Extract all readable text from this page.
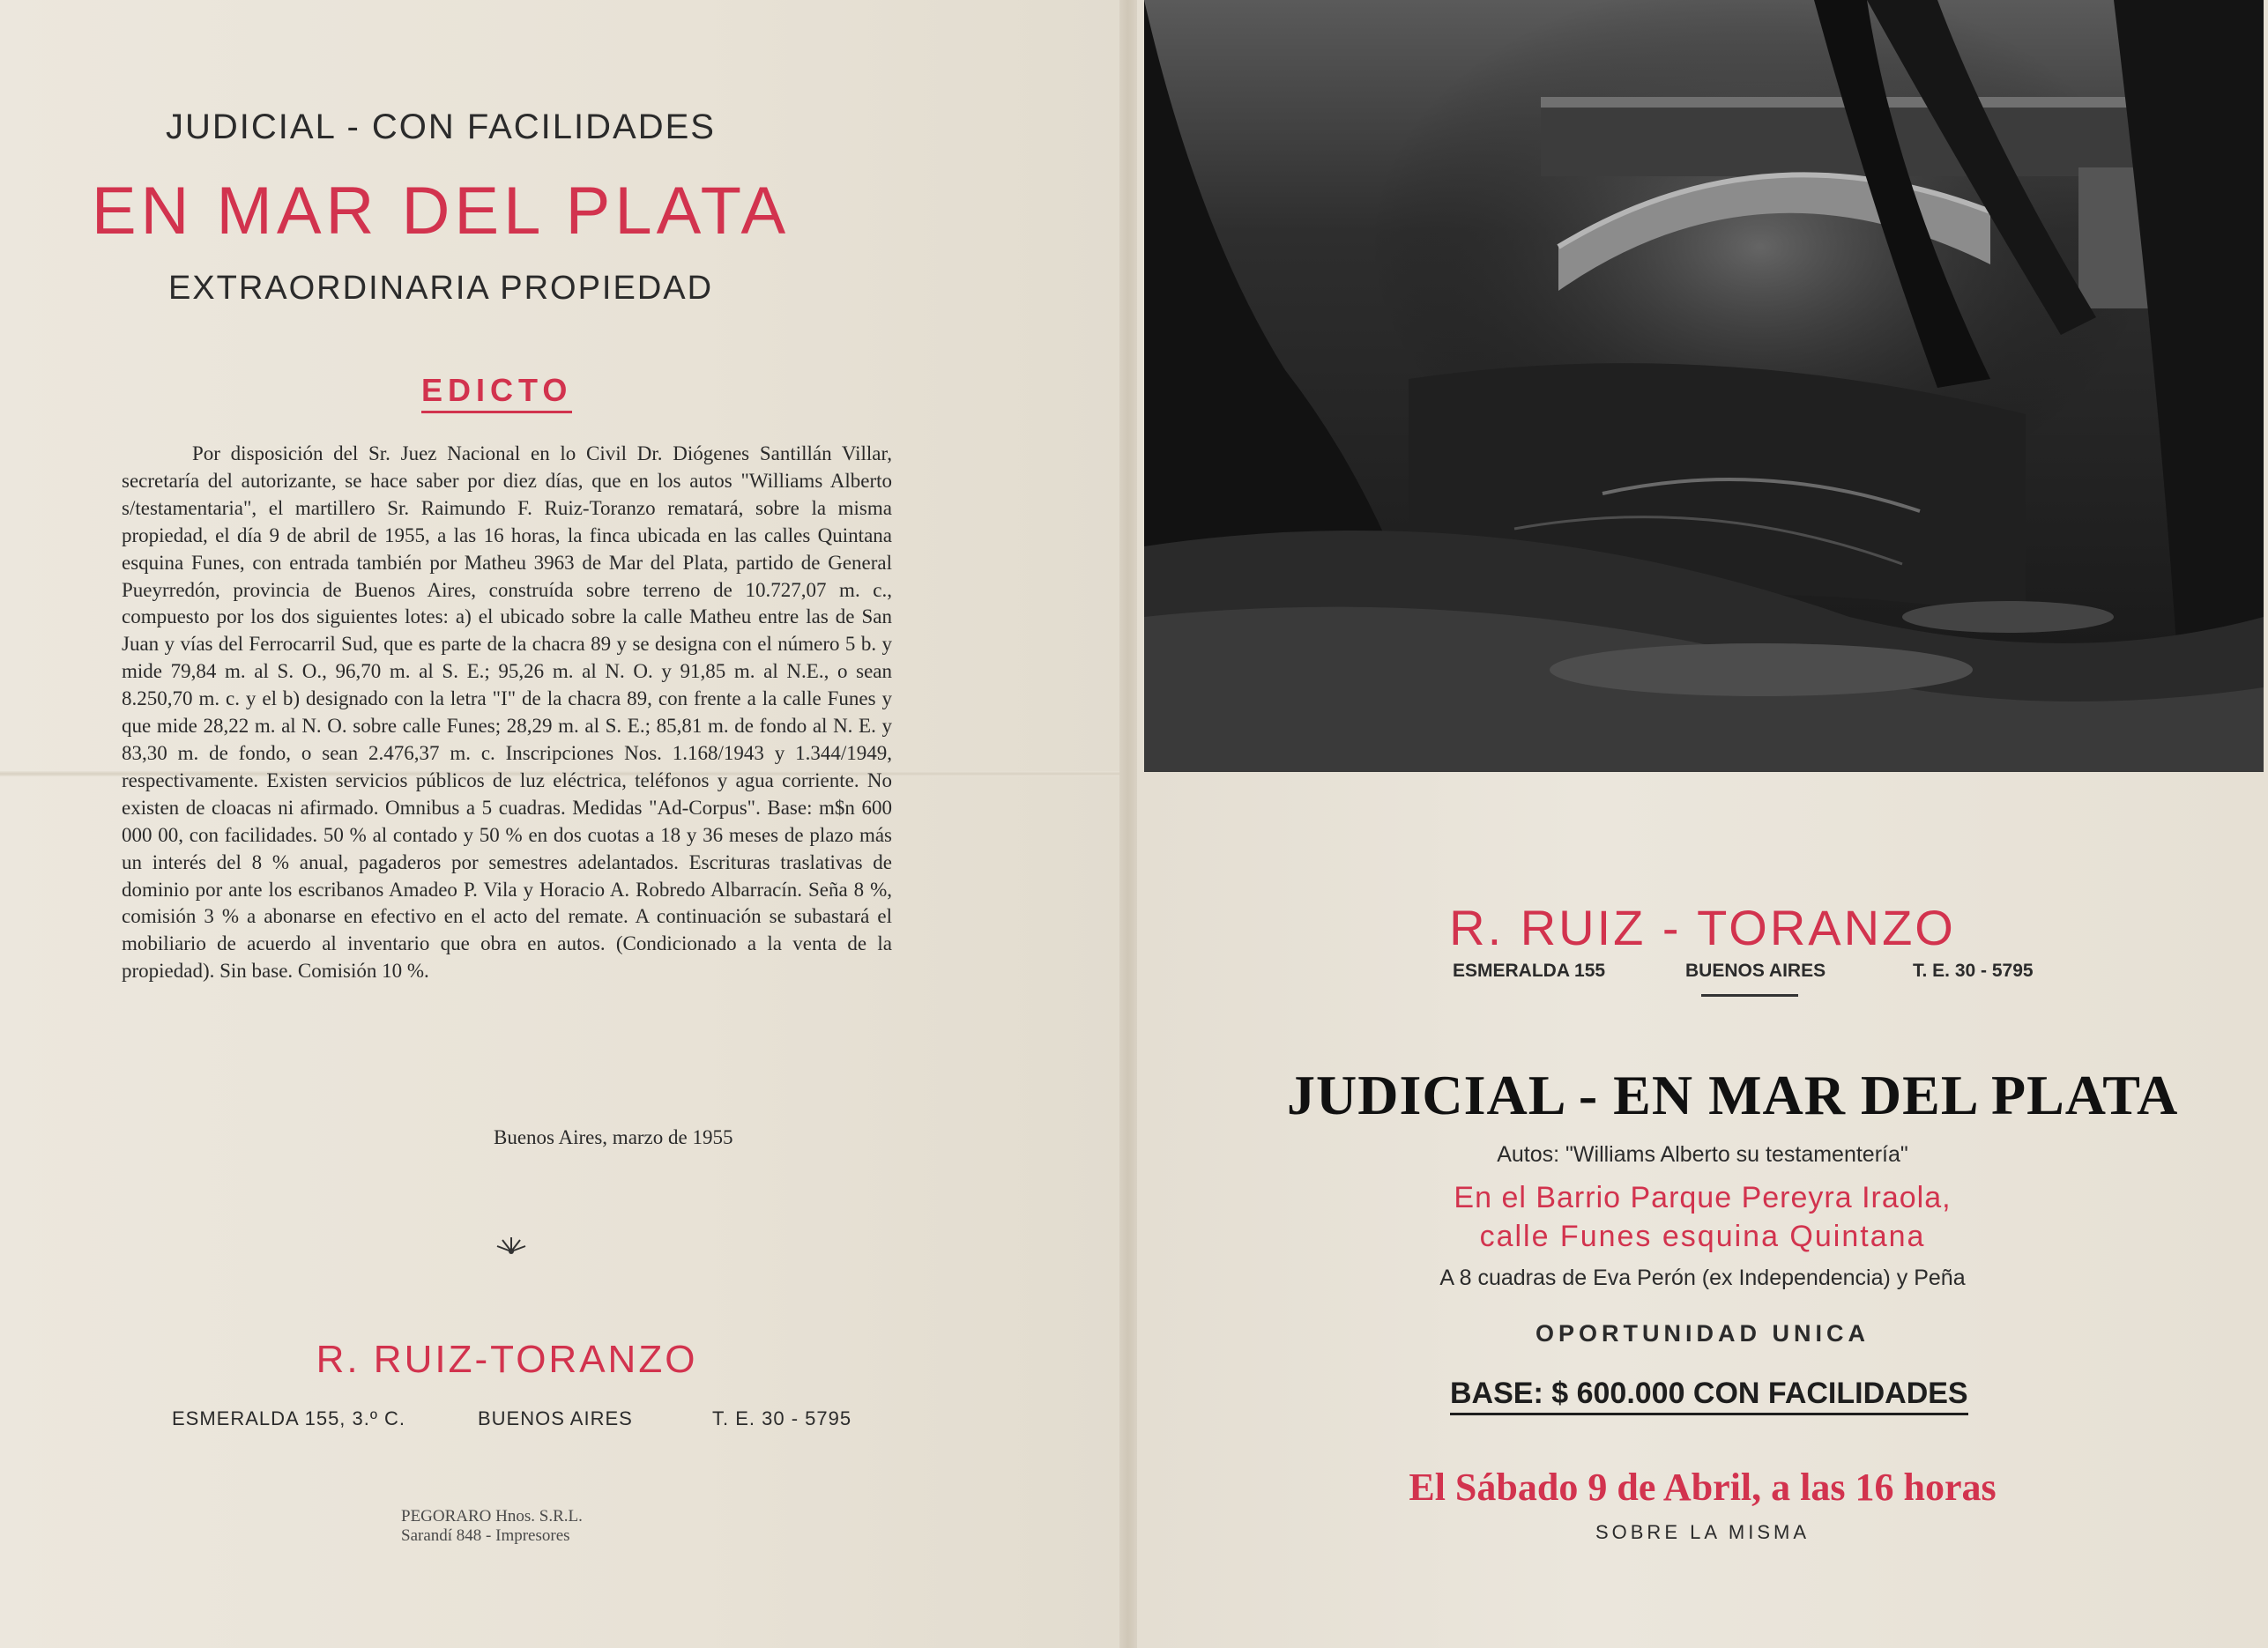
JUDICIAL - CON FACILIDADES
EN MAR DEL PLATA
EXTRAORDINARIA PROPIEDAD
EDICTO

Por disposición del Sr. Juez Nacional en lo Civil Dr. Diógenes Santillán Villar, secretaría del autorizante, se hace saber por diez días, que en los autos "Williams Alberto s/testamentaria", el martillero Sr. Raimundo F. Ruiz-Toranzo rematará, sobre la misma propiedad, el día 9 de abril de 1955, a las 16 horas, la finca ubicada en las calles Quintana esquina Funes, con entrada también por Matheu 3963 de Mar del Plata, partido de General Pueyrredón, provincia de Buenos Aires, construída sobre terreno de 10.727,07 m. c., compuesto por los dos siguientes lotes: a) el ubicado sobre la calle Matheu entre las de San Juan y vías del Ferrocarril Sud, que es parte de la chacra 89 y se designa con el número 5 b. y mide 79,84 m. al S. O., 96,70 m. al S. E.; 95,26 m. al N. O. y 91,85 m. al N.E., o sean 8.250,70 m. c. y el b) designado con la letra "I" de la chacra 89, con frente a la calle Funes y que mide 28,22 m. al N. O. sobre calle Funes; 28,29 m. al S. E.; 85,81 m. de fondo al N. E. y 83,30 m. de fondo, o sean 2.476,37 m. c. Inscripciones Nos. 1.168/1943 y 1.344/1949, respectivamente. Existen servicios públicos de luz eléctrica, teléfonos y agua corriente. No existen de cloacas ni afirmado. Omnibus a 5 cuadras. Medidas "Ad-Corpus". Base: m$n 600 000 00, con facilidades. 50 % al contado y 50 % en dos cuotas a 18 y 36 meses de plazo más un interés del 8 % anual, pagaderos por semestres adelantados. Escrituras traslativas de dominio por ante los escribanos Amadeo P. Vila y Horacio A. Robredo Albarracín. Seña 8 %, comisión 3 % a abonarse en efectivo en el acto del remate. A continuación se subastará el mobiliario de acuerdo al inventario que obra en autos. (Condicionado a la venta de la propiedad). Sin base. Comisión 10 %.

Buenos Aires, marzo de 1955
R. RUIZ-TORANZO
ESMERALDA 155, 3.º C.	BUENOS AIRES	T. E. 30 - 5795
PEGORARO Hnos. S.R.L.
Sarandí 848 - Impresores
R. RUIZ - TORANZO
ESMERALDA 155	BUENOS AIRES	T. E. 30 - 5795
JUDICIAL - EN MAR DEL PLATA
Autos: "Williams Alberto su testamentería"
En el Barrio Parque Pereyra Iraola,
calle Funes esquina Quintana
A 8 cuadras de Eva Perón (ex Independencia) y Peña
OPORTUNIDAD UNICA
BASE: $ 600.000 CON FACILIDADES
El Sábado 9 de Abril, a las 16 horas
SOBRE LA MISMA
